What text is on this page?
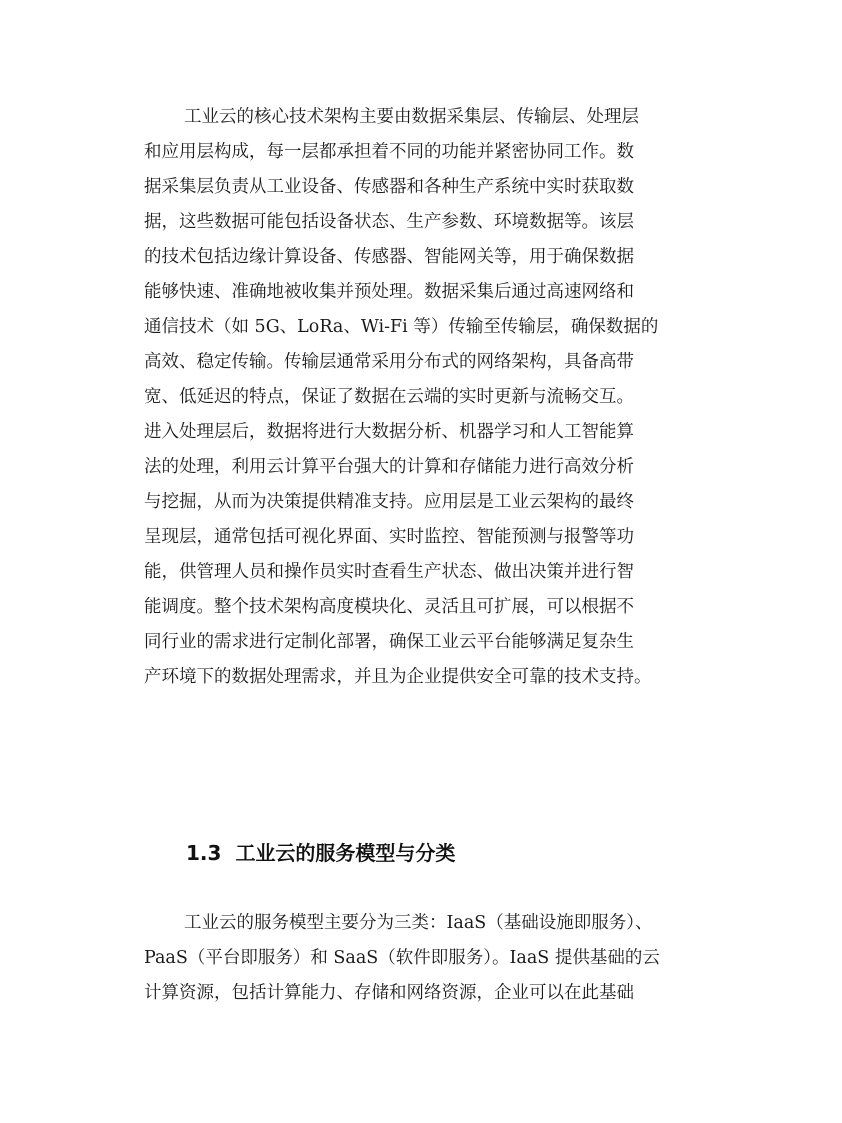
工业云的核心技术架构主要由数据采集层、传输层、处理层
和应用层构成，每一层都承担着不同的功能并紧密协同工作。数
据采集层负责从工业设备、传感器和各种生产系统中实时获取数
据，这些数据可能包括设备状态、生产参数、环境数据等。该层
的技术包括边缘计算设备、传感器、智能网关等，用于确保数据
能够快速、准确地被收集并预处理。数据采集后通过高速网络和
通信技术（如 5G、LoRa、Wi-Fi 等）传输至传输层，确保数据的
高效、稳定传输。传输层通常采用分布式的网络架构，具备高带
宽、低延迟的特点，保证了数据在云端的实时更新与流畅交互。
进入处理层后，数据将进行大数据分析、机器学习和人工智能算
法的处理，利用云计算平台强大的计算和存储能力进行高效分析
与挖掘，从而为决策提供精准支持。应用层是工业云架构的最终
呈现层，通常包括可视化界面、实时监控、智能预测与报警等功
能，供管理人员和操作员实时查看生产状态、做出决策并进行智
能调度。整个技术架构高度模块化、灵活且可扩展，可以根据不
同行业的需求进行定制化部署，确保工业云平台能够满足复杂生
产环境下的数据处理需求，并且为企业提供安全可靠的技术支持。
1.3 工业云的服务模型与分类
工业云的服务模型主要分为三类：IaaS（基础设施即服务）、
PaaS（平台即服务）和 SaaS（软件即服务）。IaaS 提供基础的云
计算资源，包括计算能力、存储和网络资源，企业可以在此基础
